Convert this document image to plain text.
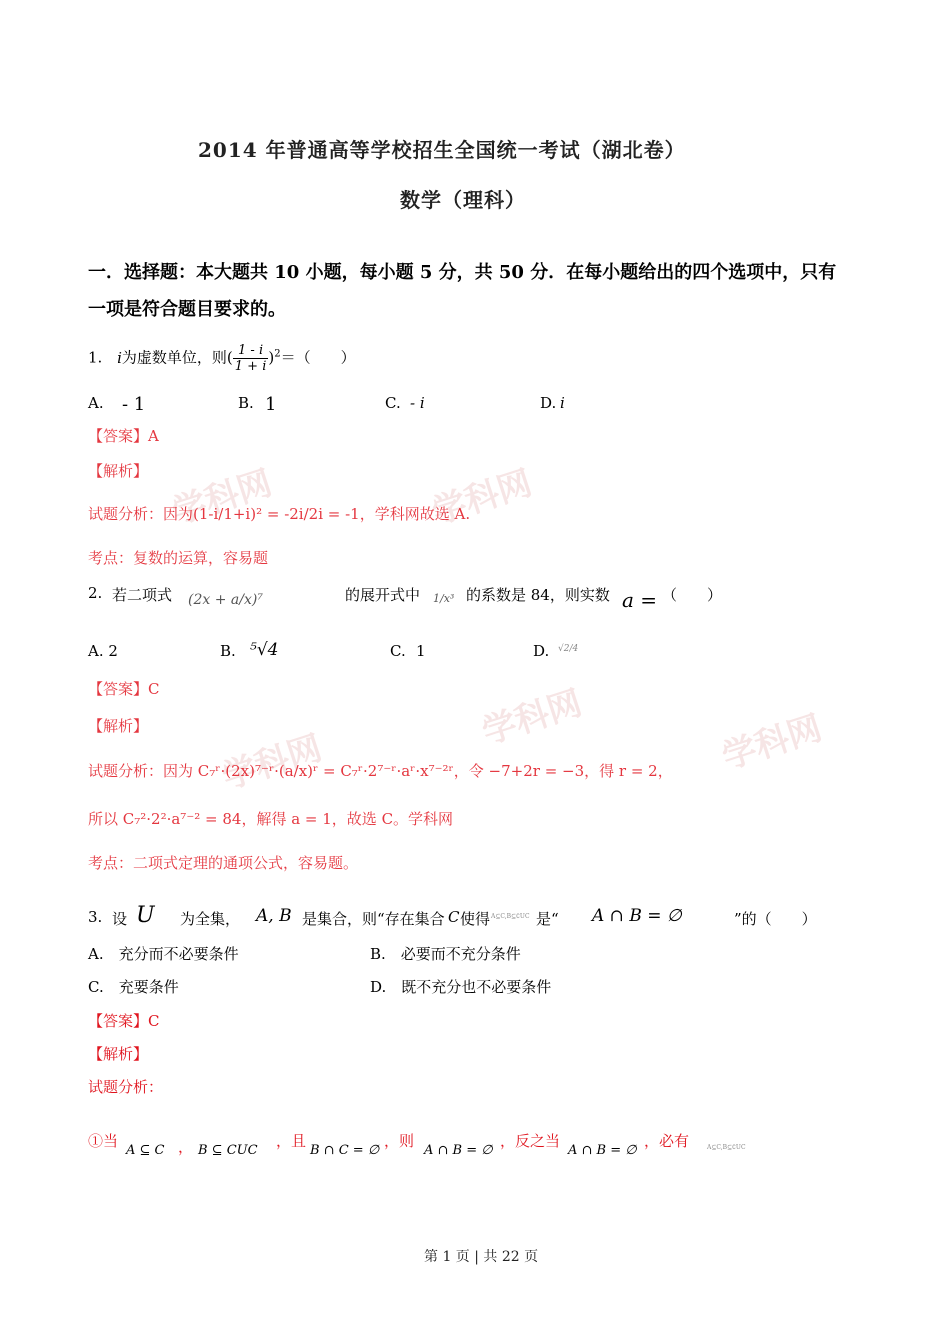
学科网	学科网
学科网	学科网
学科网
2014 年普通高等学校招生全国统一考试（湖北卷）
数学（理科）
一．选择题：本大题共 10 小题，每小题 5 分，共 50 分．在每小题给出的四个选项中，只有
一项是符合题目要求的。
1. i为虚数单位，则( $\frac{1 - i}{1 + i} )^2=$（　　）
A. - 1	B. 1	C. - i	D. i
【答案】A
【解析】
试题分析：因为(1-i/1+i)² = -2i/2i = -1，学科网故选 A.
考点：复数的运算，容易题
2. 若二项式 (2x + a/x)⁷	的展开式中 1/x³ 的系数是 84，则实数 a = （　　）
A. 2	B. ⁵√4	C. 1	D. √2/4
【答案】C
【解析】
试题分析：因为 C₇ʳ·(2x)⁷⁻ʳ·(a/x)ʳ = C₇ʳ·2⁷⁻ʳ·aʳ·x⁷⁻²ʳ，令 −7+2r = −3，得 r = 2，
所以 C₇²·2²·a⁷⁻² = 84，解得 a = 1，故选 C。学科网
考点：二项式定理的通项公式，容易题。
3. 设 U 为全集， A, B 是集合，则“存在集合 C 使得 A⊆C,B⊆∁UC 是“ A ∩ B = ∅	”的（　　）
A.　充分而不必要条件	B.　必要而不充分条件
C.　充要条件	D.　既不充分也不必要条件
【答案】C
【解析】
试题分析：
①当
A ⊆ C ， B ⊆ CUC
，且
B ∩ C = ∅
，则
A ∩ B = ∅
，反之当
A ∩ B = ∅
，必有	A⊆C,B⊆∁UC
第 1 页 | 共 22 页
